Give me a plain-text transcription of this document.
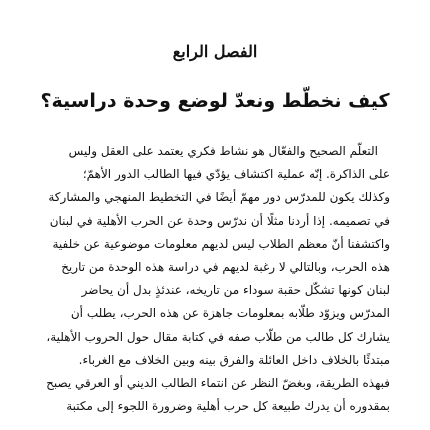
الفصل الرابع
كيف نخطّط ونعدّ لوضع وحدة دراسية؟
التعلّم الصحيح والفعّال هو نشاط فكري يعتمد على العقل وليس
على الذاكرة. إنّه عملية اكتشاف يؤدّي فيها الطالب الدور الأهمّ؛
وكذلك يكون للمدرّس دور مهمّ أيضًا في التخطيط المنهجي والمشاركة
في تصميمه. إذا أردنا مثلًا أن ندرّس وحدة عن الحرب الأهلية في لبنان
واكتشفنا أنّ معظم الطلاب ليس لديهم معلومات موضوعية عن خلفية
هذه الحرب، وبالتالي لا رغبة لديهم في دراسة هذه الوحدة من تاريخ
لبنان كونها تشكّل حقبة سوداء من تاريخه، عندئذٍ بدل أن يحاضر
المدرّس ويزوّد طلّابه بمعلومات جاهزة عن هذه الحرب، يطلب أن
يشارك كل طالب من طلّاب صفه في كتابة مقال حول الحروب الأهلية،
مبتدئًا بالخلاف داخل العائلة والفرق بينه وبين الخلاف مع الغرباء.
فبهذه الطريقة، وبغضّ النظر عن انتماء الطالب الديني أو العرقي يصبح
بمقدوره أن يدرك طبيعة كل حرب أهلية وضرورة اللجوء إلى مكتبة
